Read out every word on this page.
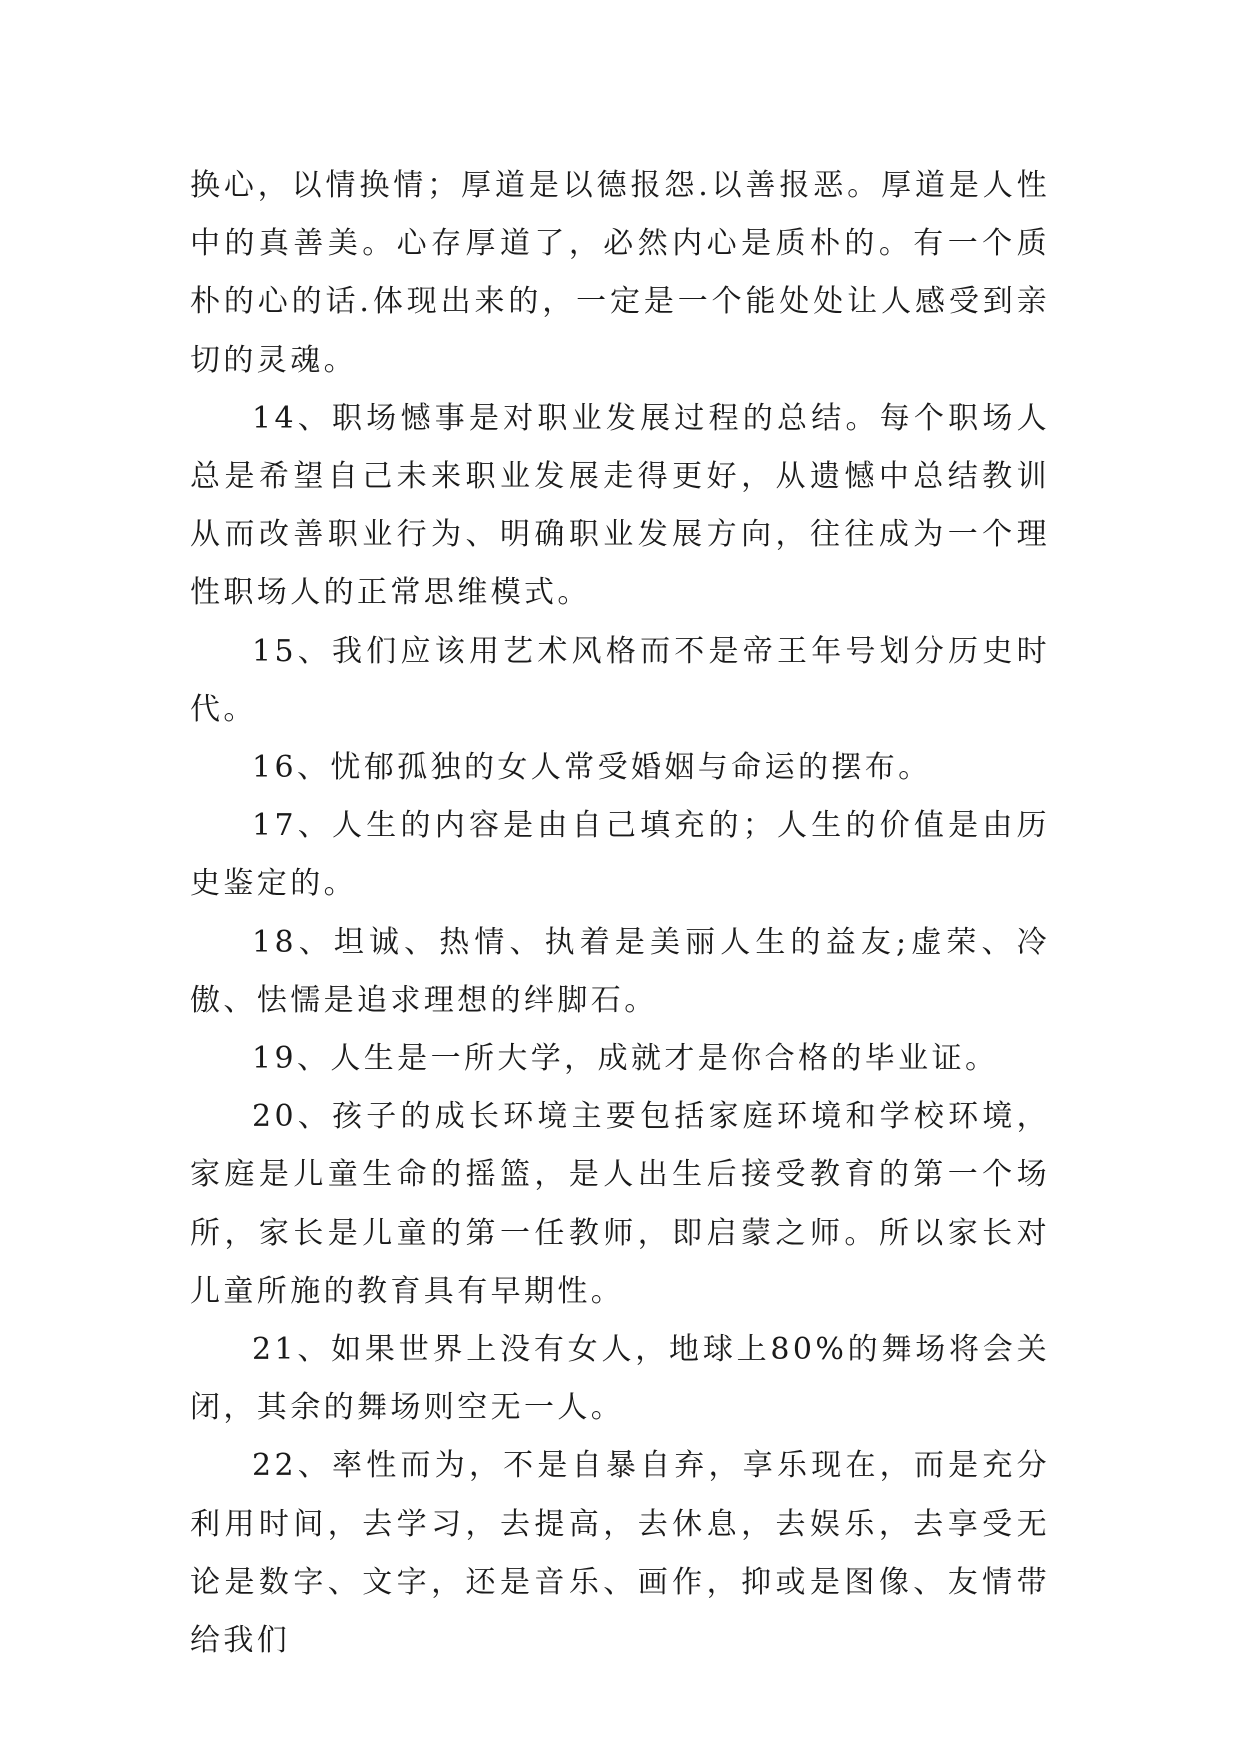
换心，以情换情；厚道是以德报怨.以善报恶。厚道是人性中的真善美。心存厚道了，必然内心是质朴的。有一个质朴的心的话.体现出来的，一定是一个能处处让人感受到亲切的灵魂。

14、职场憾事是对职业发展过程的总结。每个职场人总是希望自己未来职业发展走得更好，从遗憾中总结教训从而改善职业行为、明确职业发展方向，往往成为一个理性职场人的正常思维模式。

15、我们应该用艺术风格而不是帝王年号划分历史时代。

16、忧郁孤独的女人常受婚姻与命运的摆布。

17、人生的内容是由自己填充的；人生的价值是由历史鉴定的。

18、坦诚、热情、执着是美丽人生的益友;虚荣、冷傲、怯懦是追求理想的绊脚石。

19、人生是一所大学，成就才是你合格的毕业证。

20、孩子的成长环境主要包括家庭环境和学校环境，家庭是儿童生命的摇篮，是人出生后接受教育的第一个场所，家长是儿童的第一任教师，即启蒙之师。所以家长对儿童所施的教育具有早期性。

21、如果世界上没有女人，地球上80%的舞场将会关闭，其余的舞场则空无一人。

22、率性而为，不是自暴自弃，享乐现在，而是充分利用时间，去学习，去提高，去休息，去娱乐，去享受无论是数字、文字，还是音乐、画作，抑或是图像、友情带给我们
